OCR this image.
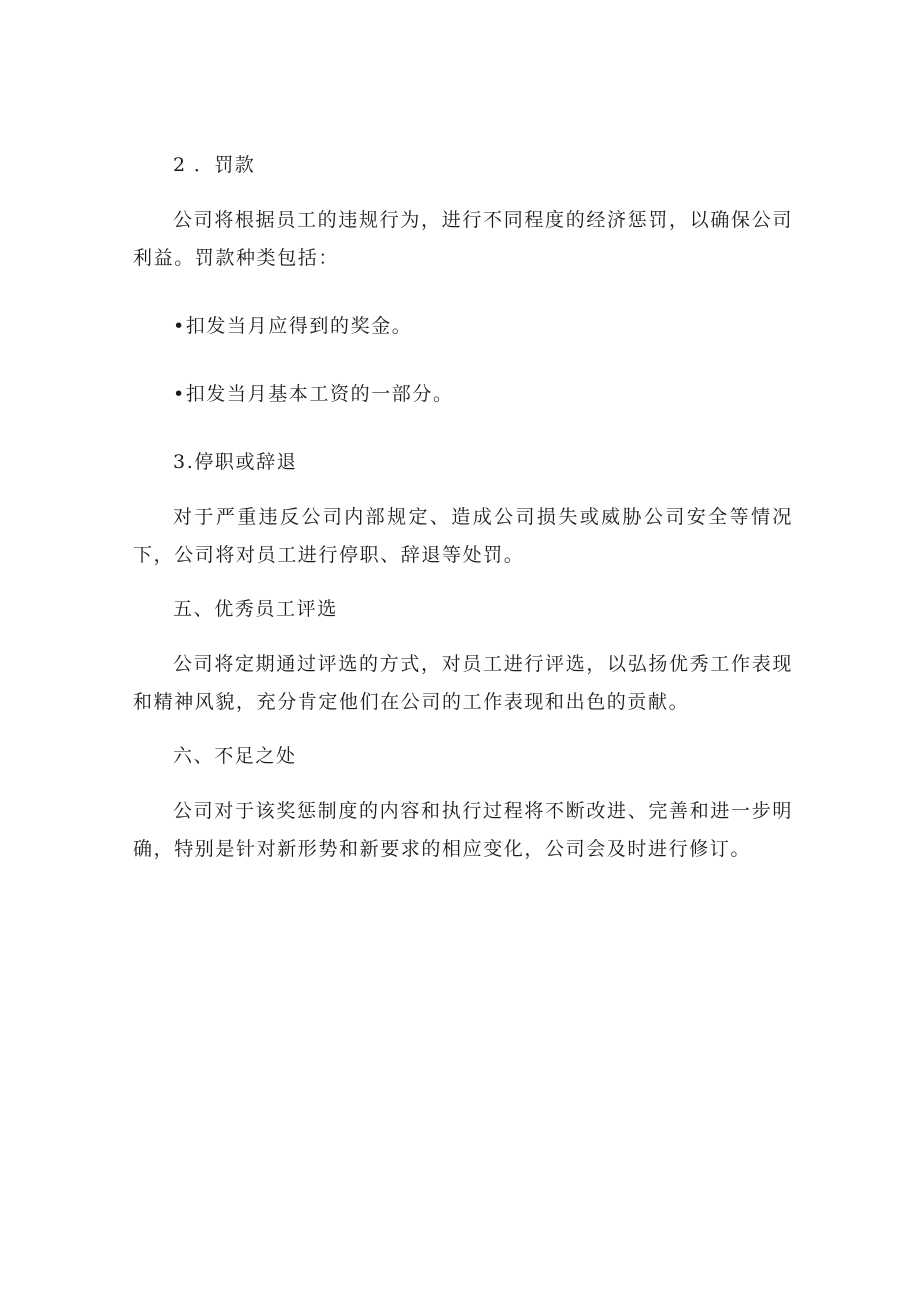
2 ．罚款

公司将根据员工的违规行为，进行不同程度的经济惩罚，以确保公司利益。罚款种类包括：

•扣发当月应得到的奖金。

•扣发当月基本工资的一部分。

3.停职或辞退

对于严重违反公司内部规定、造成公司损失或威胁公司安全等情况下，公司将对员工进行停职、辞退等处罚。

五、优秀员工评选

公司将定期通过评选的方式，对员工进行评选，以弘扬优秀工作表现和精神风貌，充分肯定他们在公司的工作表现和出色的贡献。

六、不足之处

公司对于该奖惩制度的内容和执行过程将不断改进、完善和进一步明确，特别是针对新形势和新要求的相应变化，公司会及时进行修订。
